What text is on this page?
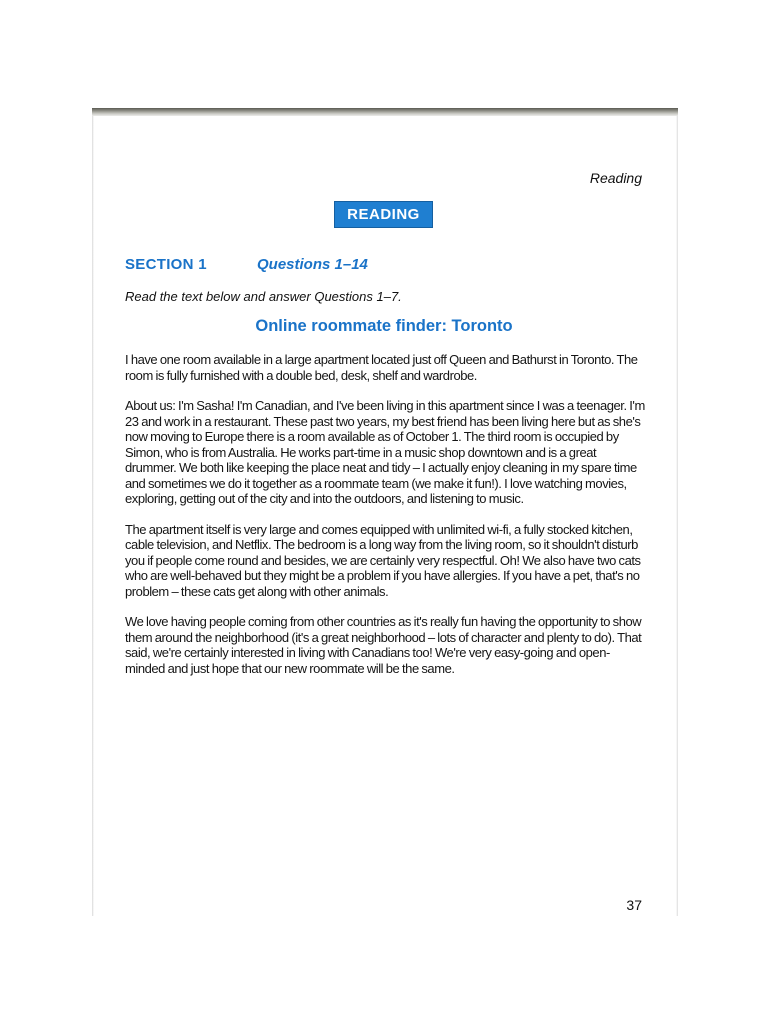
Reading
READING
SECTION 1	Questions 1–14
Read the text below and answer Questions 1–7.
Online roommate finder: Toronto

I have one room available in a large apartment located just off Queen and Bathurst in Toronto. The room is fully furnished with a double bed, desk, shelf and wardrobe.

About us: I'm Sasha! I'm Canadian, and I've been living in this apartment since I was a teenager. I'm 23 and work in a restaurant. These past two years, my best friend has been living here but as she's now moving to Europe there is a room available as of October 1. The third room is occupied by Simon, who is from Australia. He works part-time in a music shop downtown and is a great drummer. We both like keeping the place neat and tidy – I actually enjoy cleaning in my spare time and sometimes we do it together as a roommate team (we make it fun!). I love watching movies, exploring, getting out of the city and into the outdoors, and listening to music.

The apartment itself is very large and comes equipped with unlimited wi-fi, a fully stocked kitchen, cable television, and Netflix. The bedroom is a long way from the living room, so it shouldn't disturb you if people come round and besides, we are certainly very respectful. Oh! We also have two cats who are well-behaved but they might be a problem if you have allergies. If you have a pet, that's no problem – these cats get along with other animals.

We love having people coming from other countries as it's really fun having the opportunity to show them around the neighborhood (it's a great neighborhood – lots of character and plenty to do). That said, we're certainly interested in living with Canadians too! We're very easy-going and open-minded and just hope that our new roommate will be the same.

37
